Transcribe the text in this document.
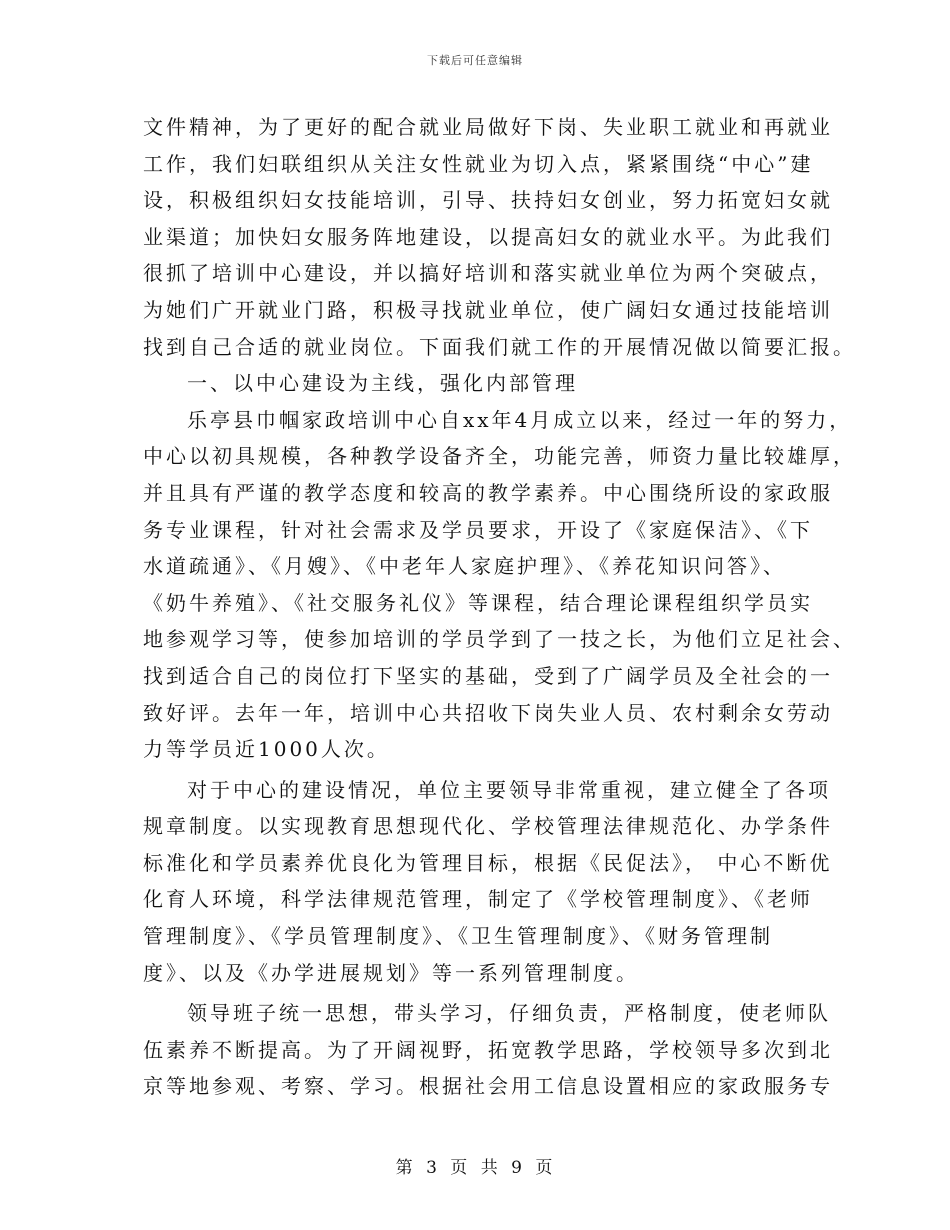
下载后可任意编辑
文件精神，为了更好的配合就业局做好下岗、失业职工就业和再就业
工作，我们妇联组织从关注女性就业为切入点，紧紧围绕“中心”建
设，积极组织妇女技能培训，引导、扶持妇女创业，努力拓宽妇女就
业渠道；加快妇女服务阵地建设，以提高妇女的就业水平。为此我们
很抓了培训中心建设，并以搞好培训和落实就业单位为两个突破点，
为她们广开就业门路，积极寻找就业单位，使广阔妇女通过技能培训
找到自己合适的就业岗位。下面我们就工作的开展情况做以简要汇报。
一、以中心建设为主线，强化内部管理
乐亭县巾帼家政培训中心自xx年4月成立以来，经过一年的努力，
中心以初具规模，各种教学设备齐全，功能完善，师资力量比较雄厚，
并且具有严谨的教学态度和较高的教学素养。中心围绕所设的家政服
务专业课程，针对社会需求及学员要求，开设了《家庭保洁》、《下
水道疏通》、《月嫂》、《中老年人家庭护理》、《养花知识问答》、
《奶牛养殖》、《社交服务礼仪》等课程，结合理论课程组织学员实
地参观学习等，使参加培训的学员学到了一技之长，为他们立足社会、
找到适合自己的岗位打下坚实的基础，受到了广阔学员及全社会的一
致好评。去年一年，培训中心共招收下岗失业人员、农村剩余女劳动
力等学员近1000人次。
对于中心的建设情况，单位主要领导非常重视，建立健全了各项
规章制度。以实现教育思想现代化、学校管理法律规范化、办学条件
标准化和学员素养优良化为管理目标，根据《民促法》， 中心不断优
化育人环境，科学法律规范管理，制定了《学校管理制度》、《老师
管理制度》、《学员管理制度》、《卫生管理制度》、《财务管理制
度》、以及《办学进展规划》等一系列管理制度。
领导班子统一思想，带头学习，仔细负责，严格制度，使老师队
伍素养不断提高。为了开阔视野，拓宽教学思路，学校领导多次到北
京等地参观、考察、学习。根据社会用工信息设置相应的家政服务专
第 3 页 共 9 页
